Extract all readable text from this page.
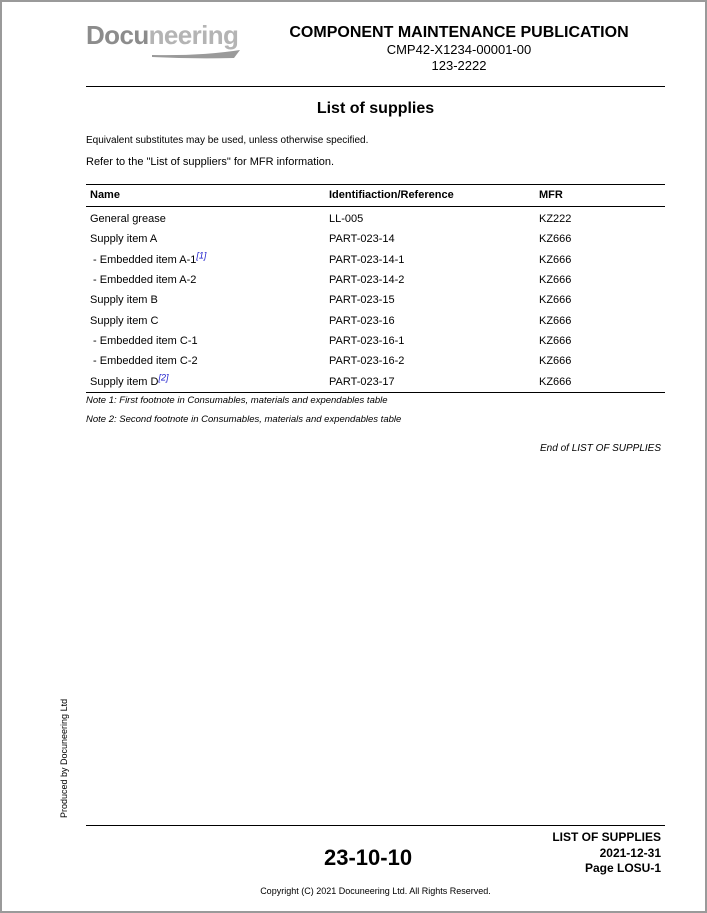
Docuneering	COMPONENT MAINTENANCE PUBLICATION
CMP42-X1234-00001-00
123-2222
List of supplies
Equivalent substitutes may be used, unless otherwise specified.
Refer to the "List of suppliers" for MFR information.
Name	Identifiaction/Reference	MFR
General grease	LL-005	KZ222
Supply item A	PART-023-14	KZ666
- Embedded item A-1[1]	PART-023-14-1	KZ666
- Embedded item A-2	PART-023-14-2	KZ666
Supply item B	PART-023-15	KZ666
Supply item C	PART-023-16	KZ666
- Embedded item C-1	PART-023-16-1	KZ666
- Embedded item C-2	PART-023-16-2	KZ666
Supply item D[2]	PART-023-17	KZ666
Note 1: First footnote in Consumables, materials and expendables table
Note 2: Second footnote in Consumables, materials and expendables table
End of LIST OF SUPPLIES
Produced by Docuneering Ltd
LIST OF SUPPLIES
2021-12-31
Page LOSU-1
23-10-10
Copyright (C) 2021 Docuneering Ltd. All Rights Reserved.
